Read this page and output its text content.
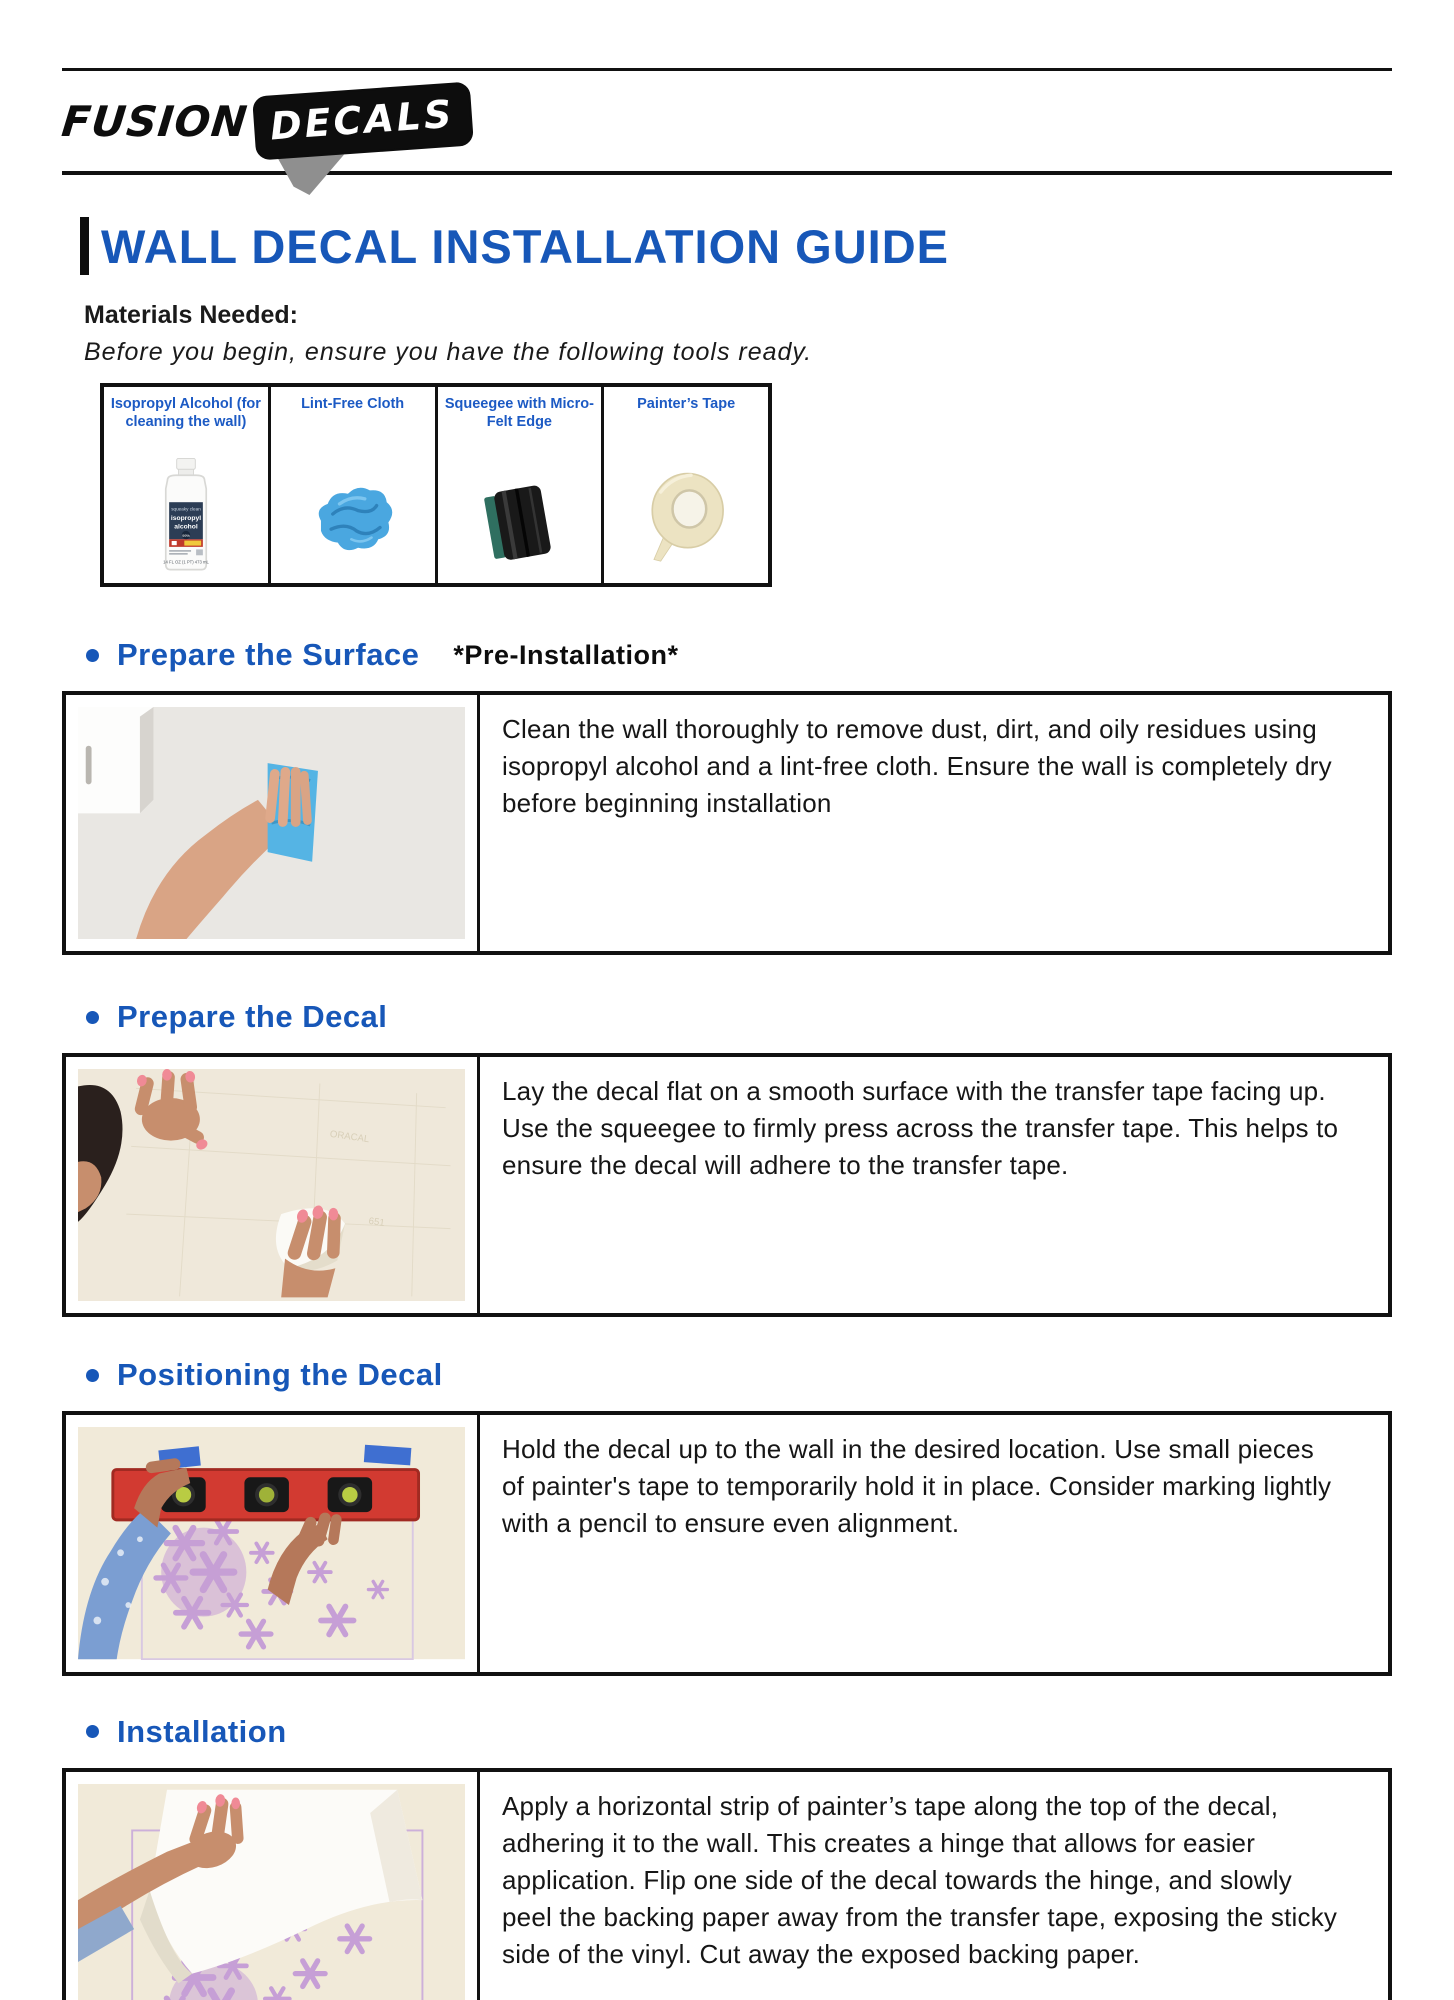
FUSION DECALS
WALL DECAL INSTALLATION GUIDE
Materials Needed:
Before you begin, ensure you have the following tools ready.
Isopropyl Alcohol (for cleaning the wall)
squeaky clean
isopropyl
alcohol
99%
14 FL OZ (1 PT) 473 mL
Lint-Free Cloth	Squeegee with Micro-Felt Edge
Painter’s Tape
Prepare the Surface *Pre-Installation*
Clean the wall thoroughly to remove dust, dirt, and oily residues using isopropyl alcohol and a lint-free cloth. Ensure the wall is completely dry before beginning installation
Prepare the Decal
ORACAL
651
Lay the decal flat on a smooth surface with the transfer tape facing up. Use the squeegee to firmly press across the transfer tape. This helps to ensure the decal will adhere to the transfer tape.
Positioning the Decal
Hold the decal up to the wall in the desired location. Use small pieces of painter's tape to temporarily hold it in place. Consider marking lightly with a pencil to ensure even alignment.
Installation
Apply a horizontal strip of painter’s tape along the top of the decal, adhering it to the wall. This creates a hinge that allows for easier application. Flip one side of the decal towards the hinge, and slowly peel the backing paper away from the transfer tape, exposing the sticky side of the vinyl. Cut away the exposed backing paper.
